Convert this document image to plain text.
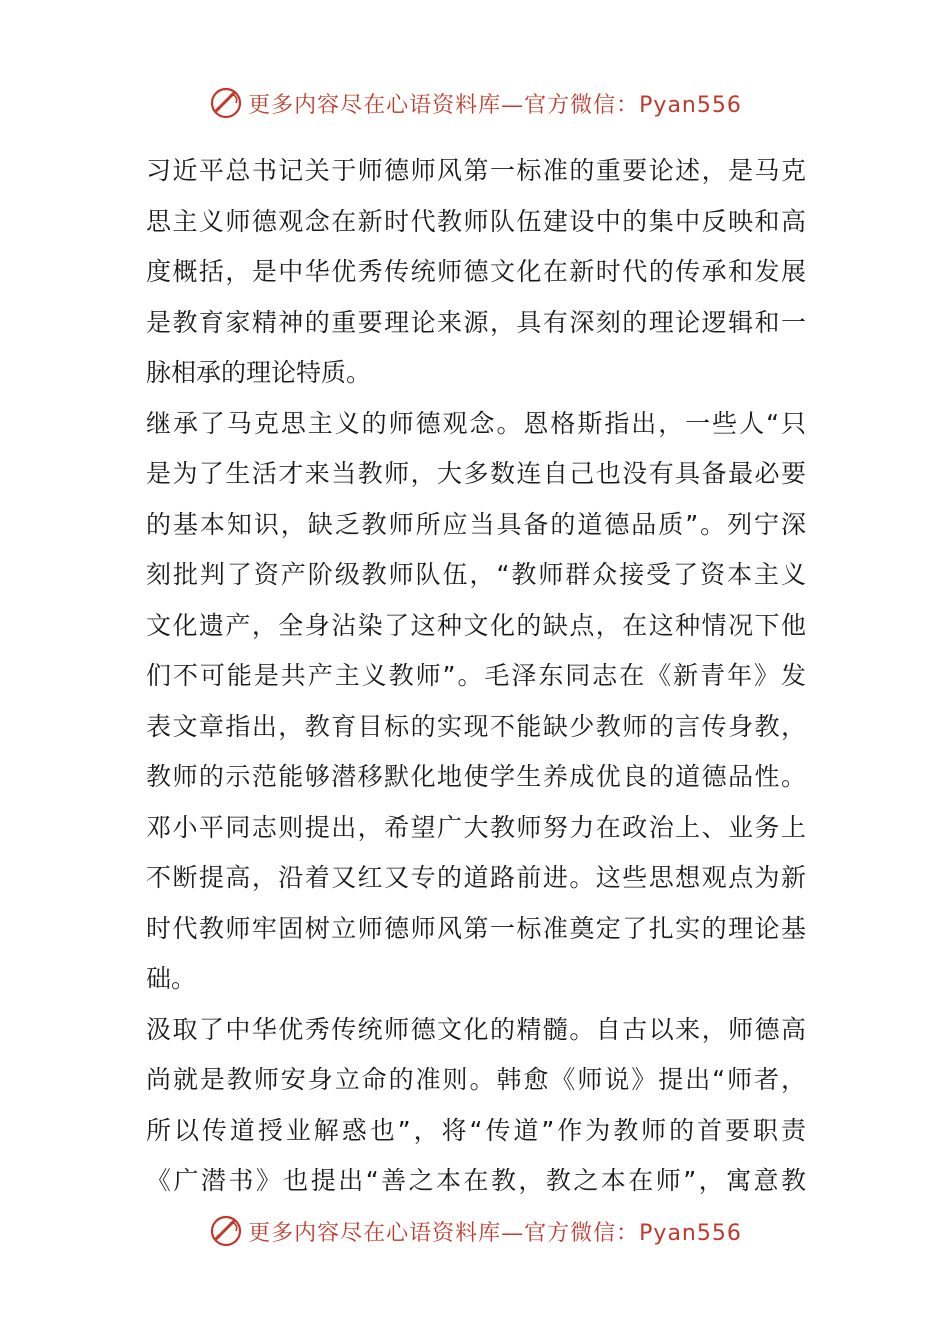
更多内容尽在心语资料库—官方微信：Pyan556
习近平总书记关于师德师风第一标准的重要论述，是马克
思主义师德观念在新时代教师队伍建设中的集中反映和高
度概括，是中华优秀传统师德文化在新时代的传承和发展
是教育家精神的重要理论来源，具有深刻的理论逻辑和一
脉相承的理论特质。
继承了马克思主义的师德观念。恩格斯指出，一些人“只
是为了生活才来当教师，大多数连自己也没有具备最必要
的基本知识，缺乏教师所应当具备的道德品质”。列宁深
刻批判了资产阶级教师队伍，“教师群众接受了资本主义
文化遗产，全身沾染了这种文化的缺点，在这种情况下他
们不可能是共产主义教师”。毛泽东同志在《新青年》发
表文章指出，教育目标的实现不能缺少教师的言传身教，
教师的示范能够潜移默化地使学生养成优良的道德品性。
邓小平同志则提出，希望广大教师努力在政治上、业务上
不断提高，沿着又红又专的道路前进。这些思想观点为新
时代教师牢固树立师德师风第一标准奠定了扎实的理论基
础。
汲取了中华优秀传统师德文化的精髓。自古以来，师德高
尚就是教师安身立命的准则。韩愈《师说》提出“师者，
所以传道授业解惑也”，将“传道”作为教师的首要职责
《广潜书》也提出“善之本在教，教之本在师”，寓意教
更多内容尽在心语资料库—官方微信：Pyan556
